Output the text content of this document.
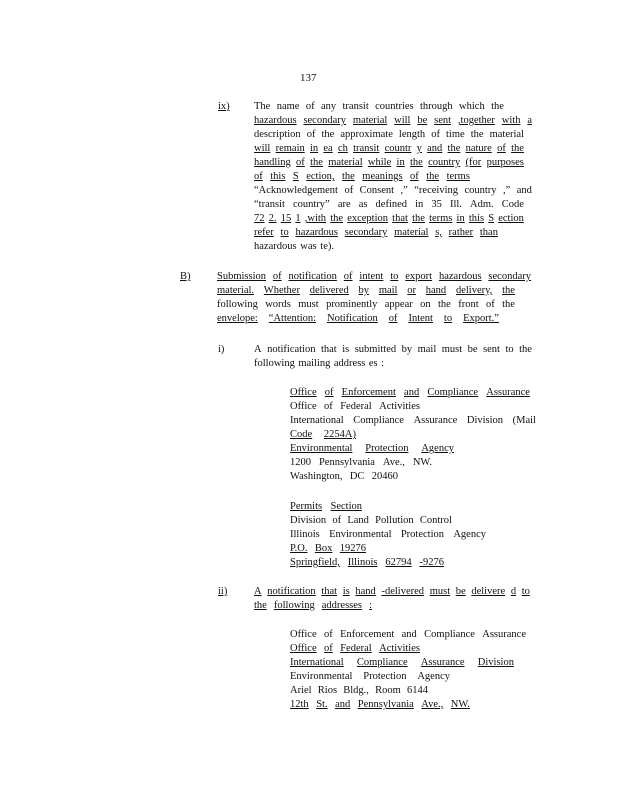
137
ix) The name of any transit countries through which the
hazardous secondary material will be sent ,together with a
description of the approximate length of time the material
will remain in ea ch transit countr y and the nature of the
handling of the material while in the country (for purposes
of this S ection, the meanings of the terms
“Acknowledgement of Consent ,” “receiving country ,” and
“transit country” are as defined in 35 Ill. Adm. Code
72 2. 15 1 ,with the exception that the terms in this S ection
refer to hazardous secondary material s, rather than
hazardous was te).
B)	Submission of notification of intent to export hazardous secondary
material. Whether delivered by mail or hand delivery, the
following words must prominently appear on the front of the
envelope: “Attention: Notification of Intent to Export.”
i)	A notification that is submitted by mail must be sent to the
following mailing address es :
Office of Enforcement and Compliance Assurance
Office of Federal Activities
International Compliance Assurance Division (Mail
Code 2254A)
Environmental Protection Agency
1200 Pennsylvania Ave., NW.
Washington, DC 20460
Permits Section
Division of Land Pollution Control
Illinois Environmental Protection Agency
P.O. Box 19276
Springfield, Illinois 62794 -9276
ii)	A notification that is hand -delivered must be delivere d to
the following addresses :
Office of Enforcement and Compliance Assurance
Office of Federal Activities
International Compliance Assurance Division
Environmental Protection Agency
Ariel Rios Bldg., Room 6144
12th St. and Pennsylvania Ave., NW.
